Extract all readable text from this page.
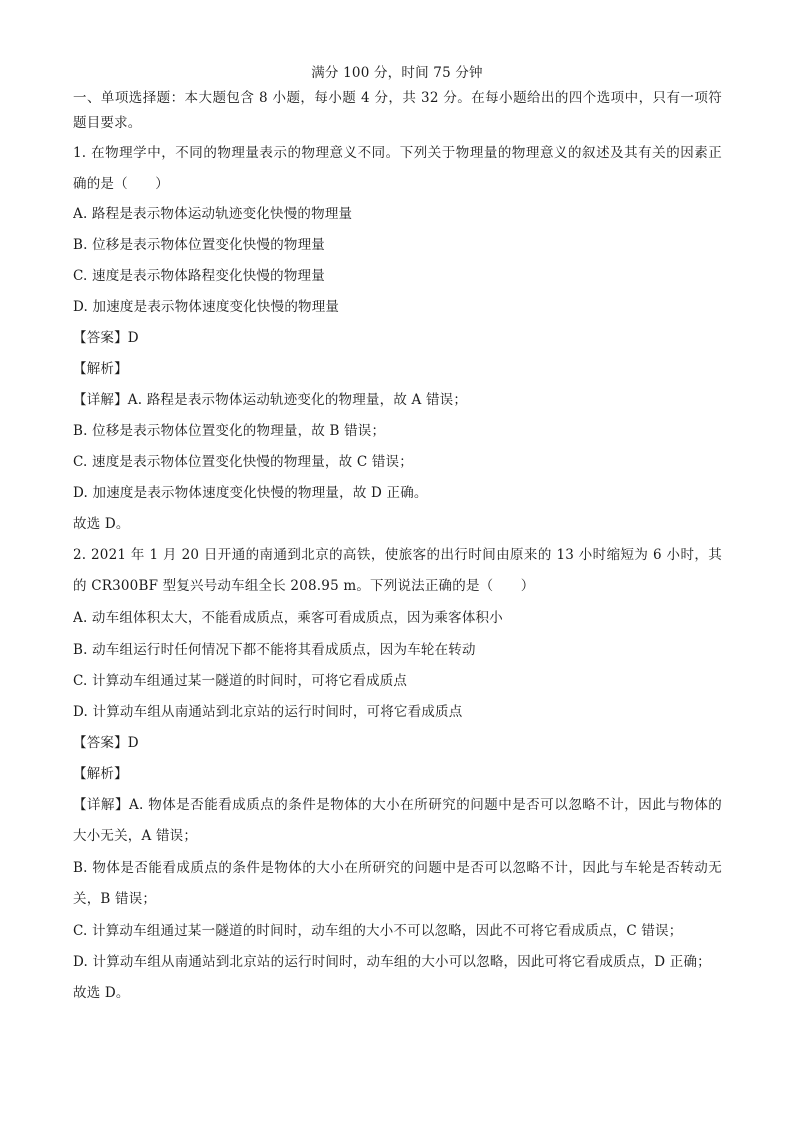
满分 100 分，时间 75 分钟
一、单项选择题：本大题包含 8 小题，每小题 4 分，共 32 分。在每小题给出的四个选项中，只有一项符
题目要求。
1. 在物理学中，不同的物理量表示的物理意义不同。下列关于物理量的物理意义的叙述及其有关的因素正
确的是（　　）
A. 路程是表示物体运动轨迹变化快慢的物理量
B. 位移是表示物体位置变化快慢的物理量
C. 速度是表示物体路程变化快慢的物理量
D. 加速度是表示物体速度变化快慢的物理量
【答案】D
【解析】
【详解】A. 路程是表示物体运动轨迹变化的物理量，故 A 错误；
B. 位移是表示物体位置变化的物理量，故 B 错误；
C. 速度是表示物体位置变化快慢的物理量，故 C 错误；
D. 加速度是表示物体速度变化快慢的物理量，故 D 正确。
故选 D。
2. 2021 年 1 月 20 日开通的南通到北京的高铁，使旅客的出行时间由原来的 13 小时缩短为 6 小时，其
的 CR300BF 型复兴号动车组全长 208.95 m。下列说法正确的是（　　）
A. 动车组体积太大，不能看成质点，乘客可看成质点，因为乘客体积小
B. 动车组运行时任何情况下都不能将其看成质点，因为车轮在转动
C. 计算动车组通过某一隧道的时间时，可将它看成质点
D. 计算动车组从南通站到北京站的运行时间时，可将它看成质点
【答案】D
【解析】
【详解】A. 物体是否能看成质点的条件是物体的大小在所研究的问题中是否可以忽略不计，因此与物体的
大小无关，A 错误；
B. 物体是否能看成质点的条件是物体的大小在所研究的问题中是否可以忽略不计，因此与车轮是否转动无
关，B 错误；
C. 计算动车组通过某一隧道的时间时，动车组的大小不可以忽略，因此不可将它看成质点，C 错误；
D. 计算动车组从南通站到北京站的运行时间时，动车组的大小可以忽略，因此可将它看成质点，D 正确；
故选 D。
